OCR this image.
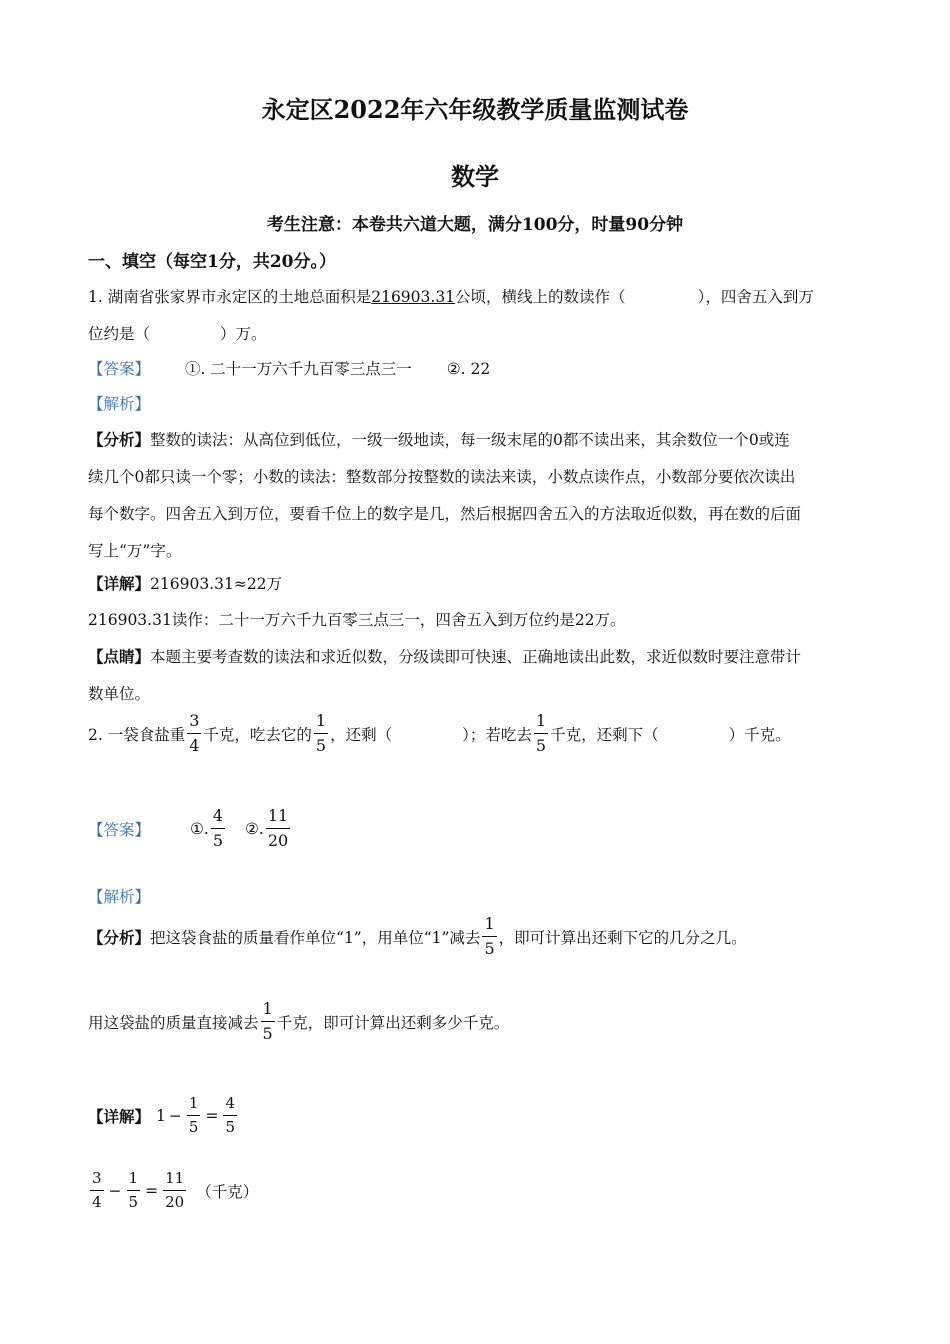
永定区2022年六年级教学质量监测试卷
数学
考生注意：本卷共六道大题，满分100分，时量90分钟
一、填空（每空1分，共20分。）
1. 湖南省张家界市永定区的土地总面积是216903.31公顷，横线上的数读作（	），四舍五入到万
位约是（	）万。
【答案】 ①. 二十一万六千九百零三点三一 ②. 22
【解析】
【分析】整数的读法：从高位到低位，一级一级地读，每一级末尾的0都不读出来，其余数位一个0或连
续几个0都只读一个零；小数的读法：整数部分按整数的读法来读，小数点读作点，小数部分要依次读出
每个数字。四舍五入到万位，要看千位上的数字是几，然后根据四舍五入的方法取近似数，再在数的后面
写上“万”字。
【详解】216903.31≈22万
216903.31读作：二十一万六千九百零三点三一，四舍五入到万位约是22万。
【点睛】本题主要考查数的读法和求近似数，分级读即可快速、正确地读出此数，求近似数时要注意带计
数单位。
2. 一袋食盐重 $\frac{3}{4}$ 千克，吃去它的 $\frac{1}{5}$ ，还剩（	）；若吃去 $\frac{1}{5}$ 千克，还剩下（	）千克。
【答案】	①. $\frac{4}{5}$ ②. $\frac{11}{20}$
【解析】
【分析】 把这袋食盐的质量看作单位“1”，用单位“1”减去 $\frac{1}{5}$ ，即可计算出还剩下它的几分之几。
用这袋盐的质量直接减去 $\frac{1}{5}$ 千克，即可计算出还剩多少千克。
【详解】 $1 - \frac{1}{5} = \frac{4}{5}$
$\frac{3}{4} - \frac{1}{5} = \frac{11}{20}$ （千克）
